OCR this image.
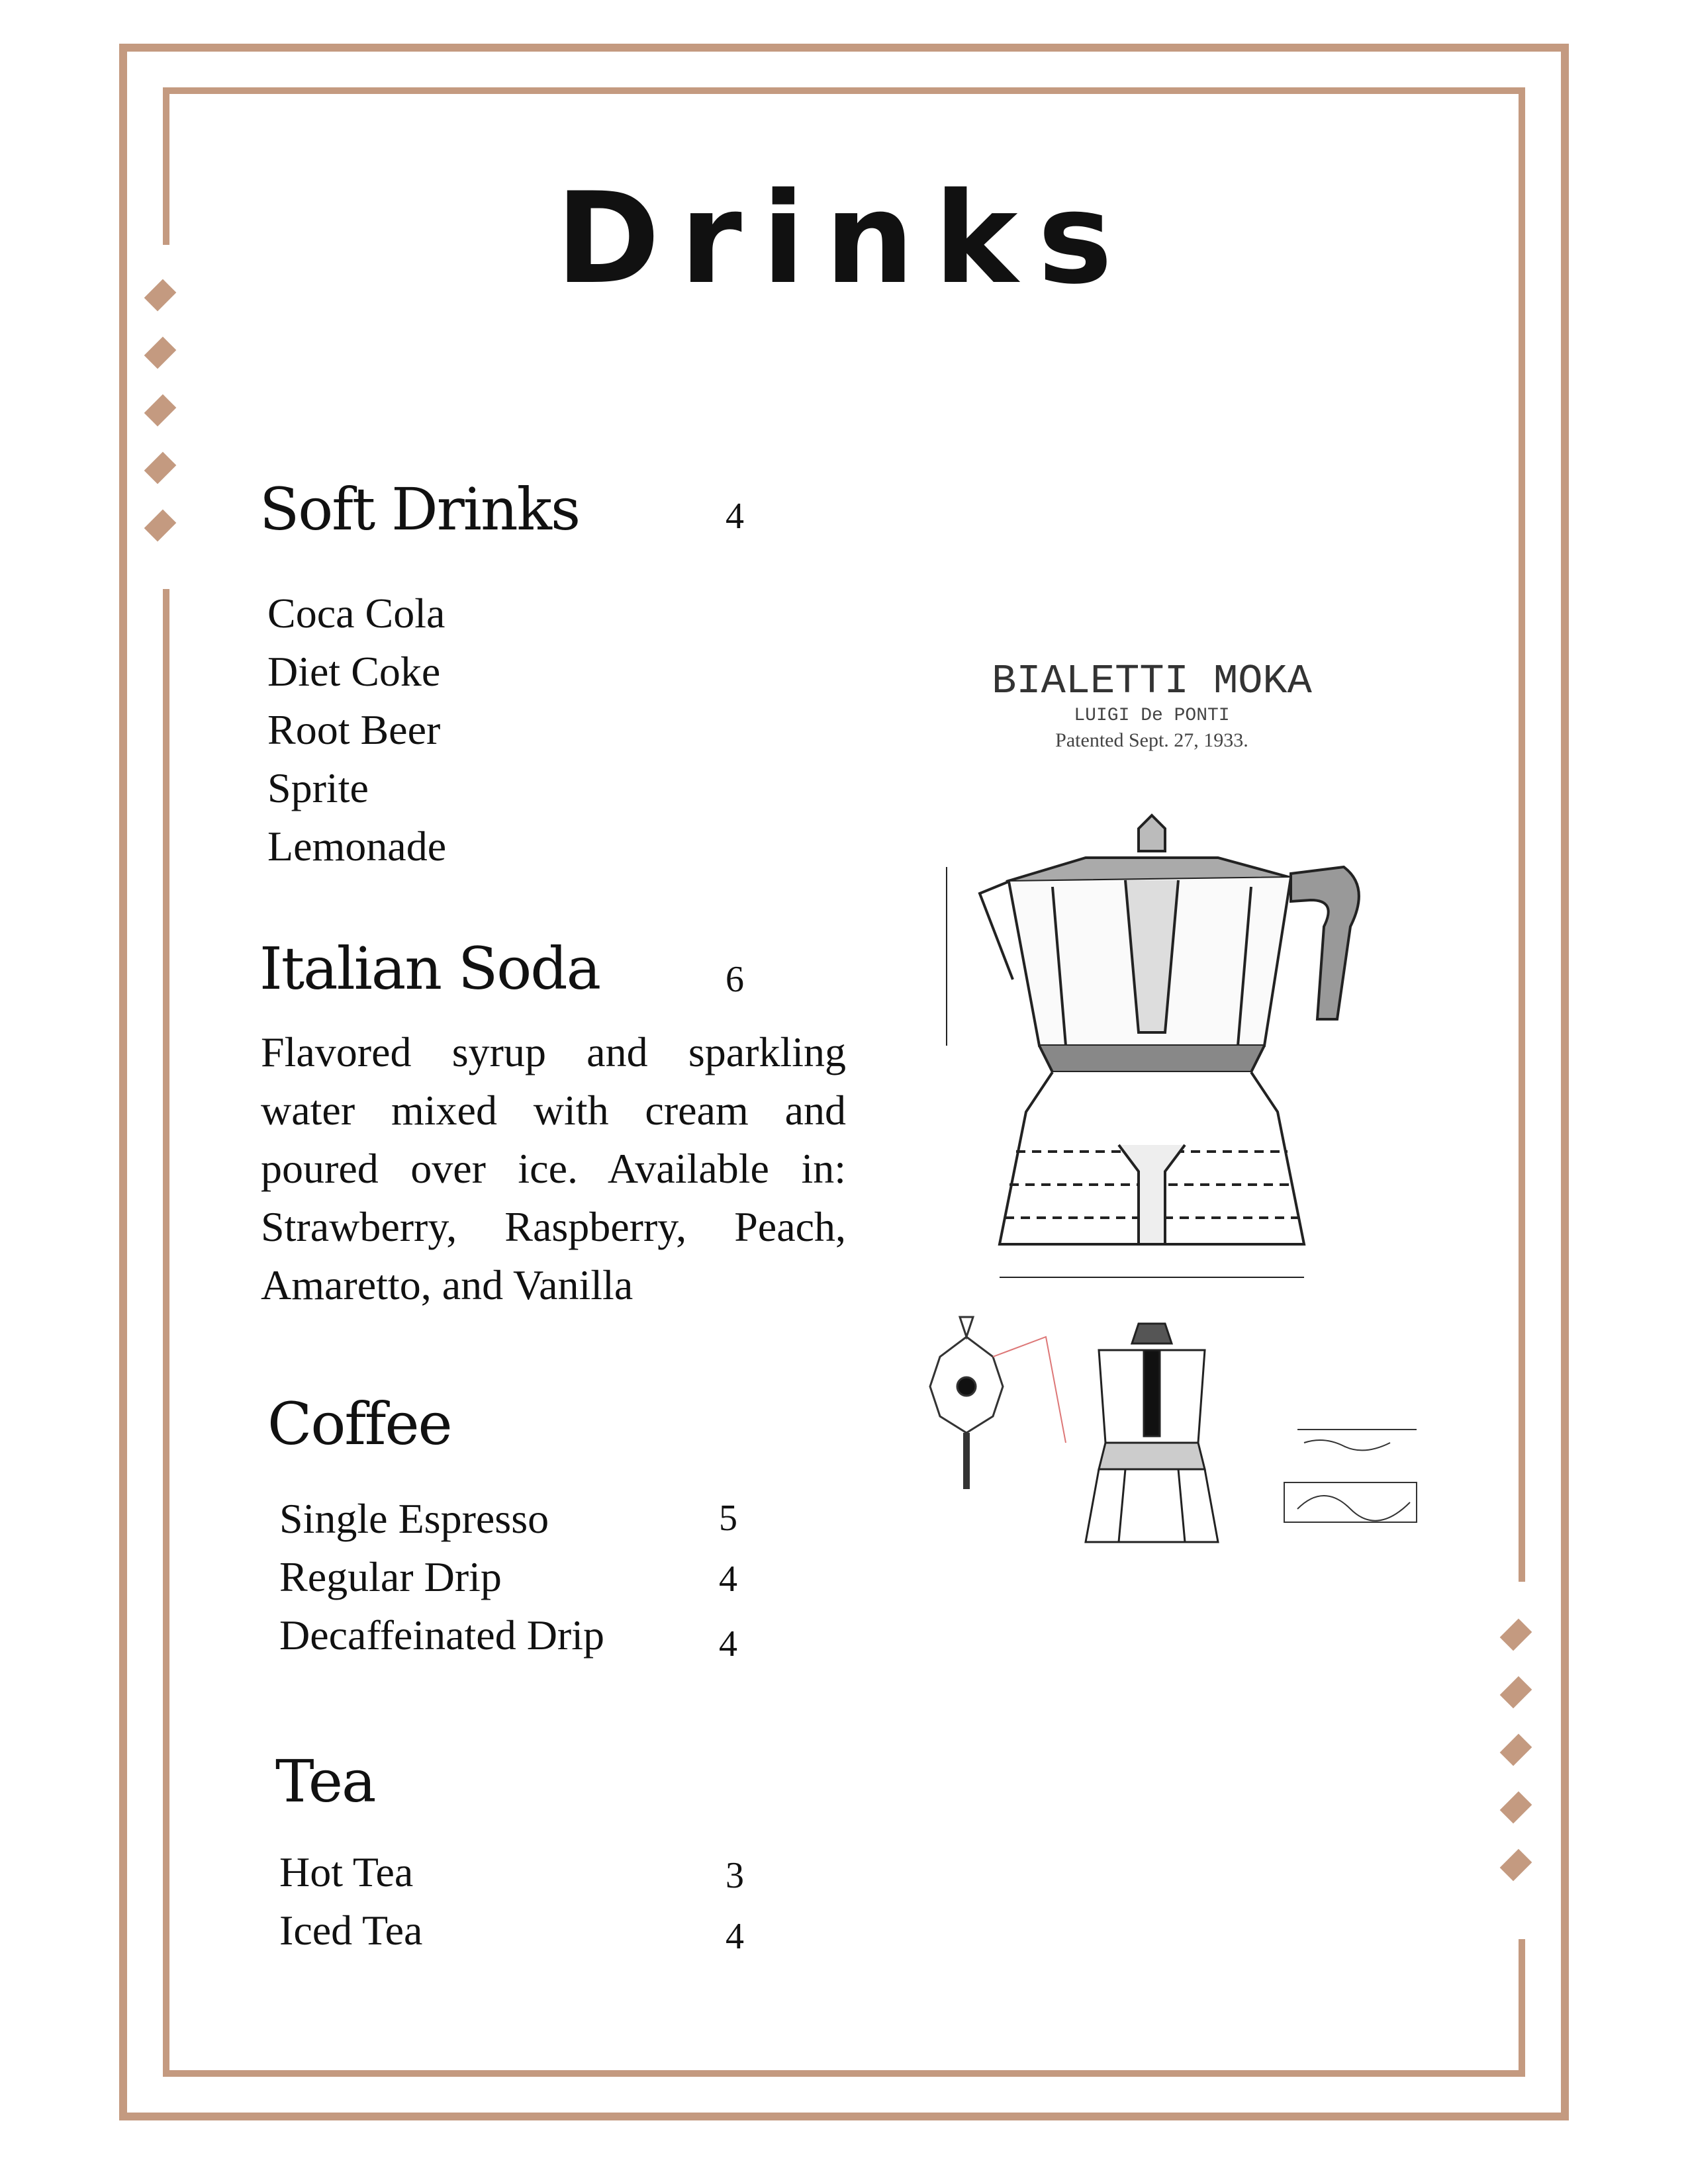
Drinks
Soft Drinks	4
Coca Cola
Diet Coke
Root Beer
Sprite
Lemonade
Italian Soda	6
Flavored syrup and sparkling water mixed with cream and poured over ice. Available in: Strawberry, Raspberry, Peach, Amaretto, and Vanilla
Coffee
Single Espresso	5
Regular Drip	4
Decaffeinated Drip	4
Tea
Hot Tea	3
Iced Tea	4
BIALETTI MOKA
LUIGI De PONTI
Patented Sept. 27, 1933.
